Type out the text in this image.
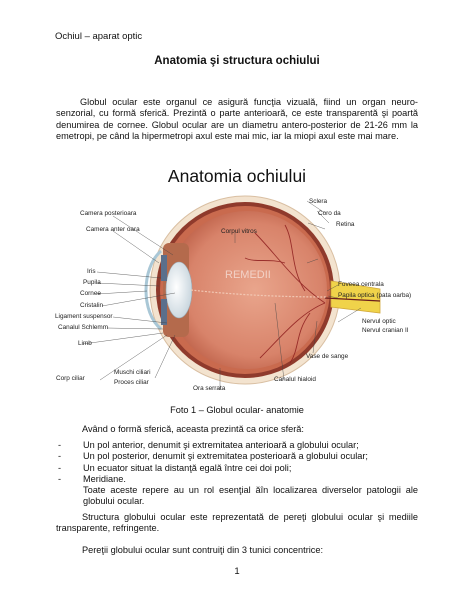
Ochiul – aparat optic
Anatomia şi structura ochiului
Globul ocular este organul ce asigură funcţia vizuală, fiind un organ neuro-senzorial, cu formă sferică. Prezintă o parte anterioară, ce este transparentă şi poartă denumirea de cornee. Globul ocular are un diametru antero-posterior de 21-26 mm la emetropi, pe când la hipermetropi axul este mai mic, iar la miopi axul este mai mare.
Anatomia ochiului
REMEDII
Camera posterioara
Camera anter oara	Corpul vitros
Iris
Pupila
Cornee
Cristalin
Ligament suspensor
Canalul Schlemm
Limb
Corp ciliar
Muschi ciliari
Proces ciliar
Ora serrata
Canalul hialoid
Vase de sange
Nervul optic
Nervul cranian II
Papila optica (pata oarba)
Foveea centrala
Retina
Coro da
Sclera
Foto 1 – Globul ocular- anatomie
Având o formă sferică, aceasta prezintă ca orice sferă:
- Un pol anterior, denumit şi extremitatea anterioară a globului ocular;
- Un pol posterior, denumit şi extremitatea posterioară a globului ocular;
- Un ecuator situat la distanţă egală între cei doi poli;
- Meridiane.
Toate aceste repere au un rol esenţial ăîn localizarea diverselor patologii ale globului ocular.
Structura globului ocular este reprezentată de pereţi globului ocular şi mediile transparente, refringente.
Pereţii globului ocular sunt contruiţi din 3 tunici concentrice:
1
